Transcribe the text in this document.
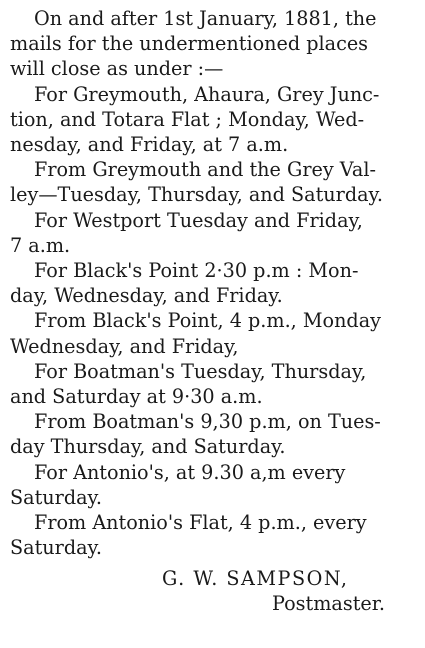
On and after 1st January, 1881, the
mails for the undermentioned places
will close as under :—

For Greymouth, Ahaura, Grey Junc-
tion, and Totara Flat ; Monday, Wed-
nesday, and Friday, at 7 a.m.

From Greymouth and the Grey Val-
ley—Tuesday, Thursday, and Saturday.

For Westport Tuesday and Friday,
7 a.m.

For Black's Point 2·30 p.m : Mon-
day, Wednesday, and Friday.

From Black's Point, 4 p.m., Monday
Wednesday, and Friday,

For Boatman's Tuesday, Thursday,
and Saturday at 9·30 a.m.

From Boatman's 9,30 p.m, on Tues-
day Thursday, and Saturday.

For Antonio's, at 9.30 a,m every
Saturday.

From Antonio's Flat, 4 p.m., every
Saturday.

G. W. SAMPSON,

Postmaster.
